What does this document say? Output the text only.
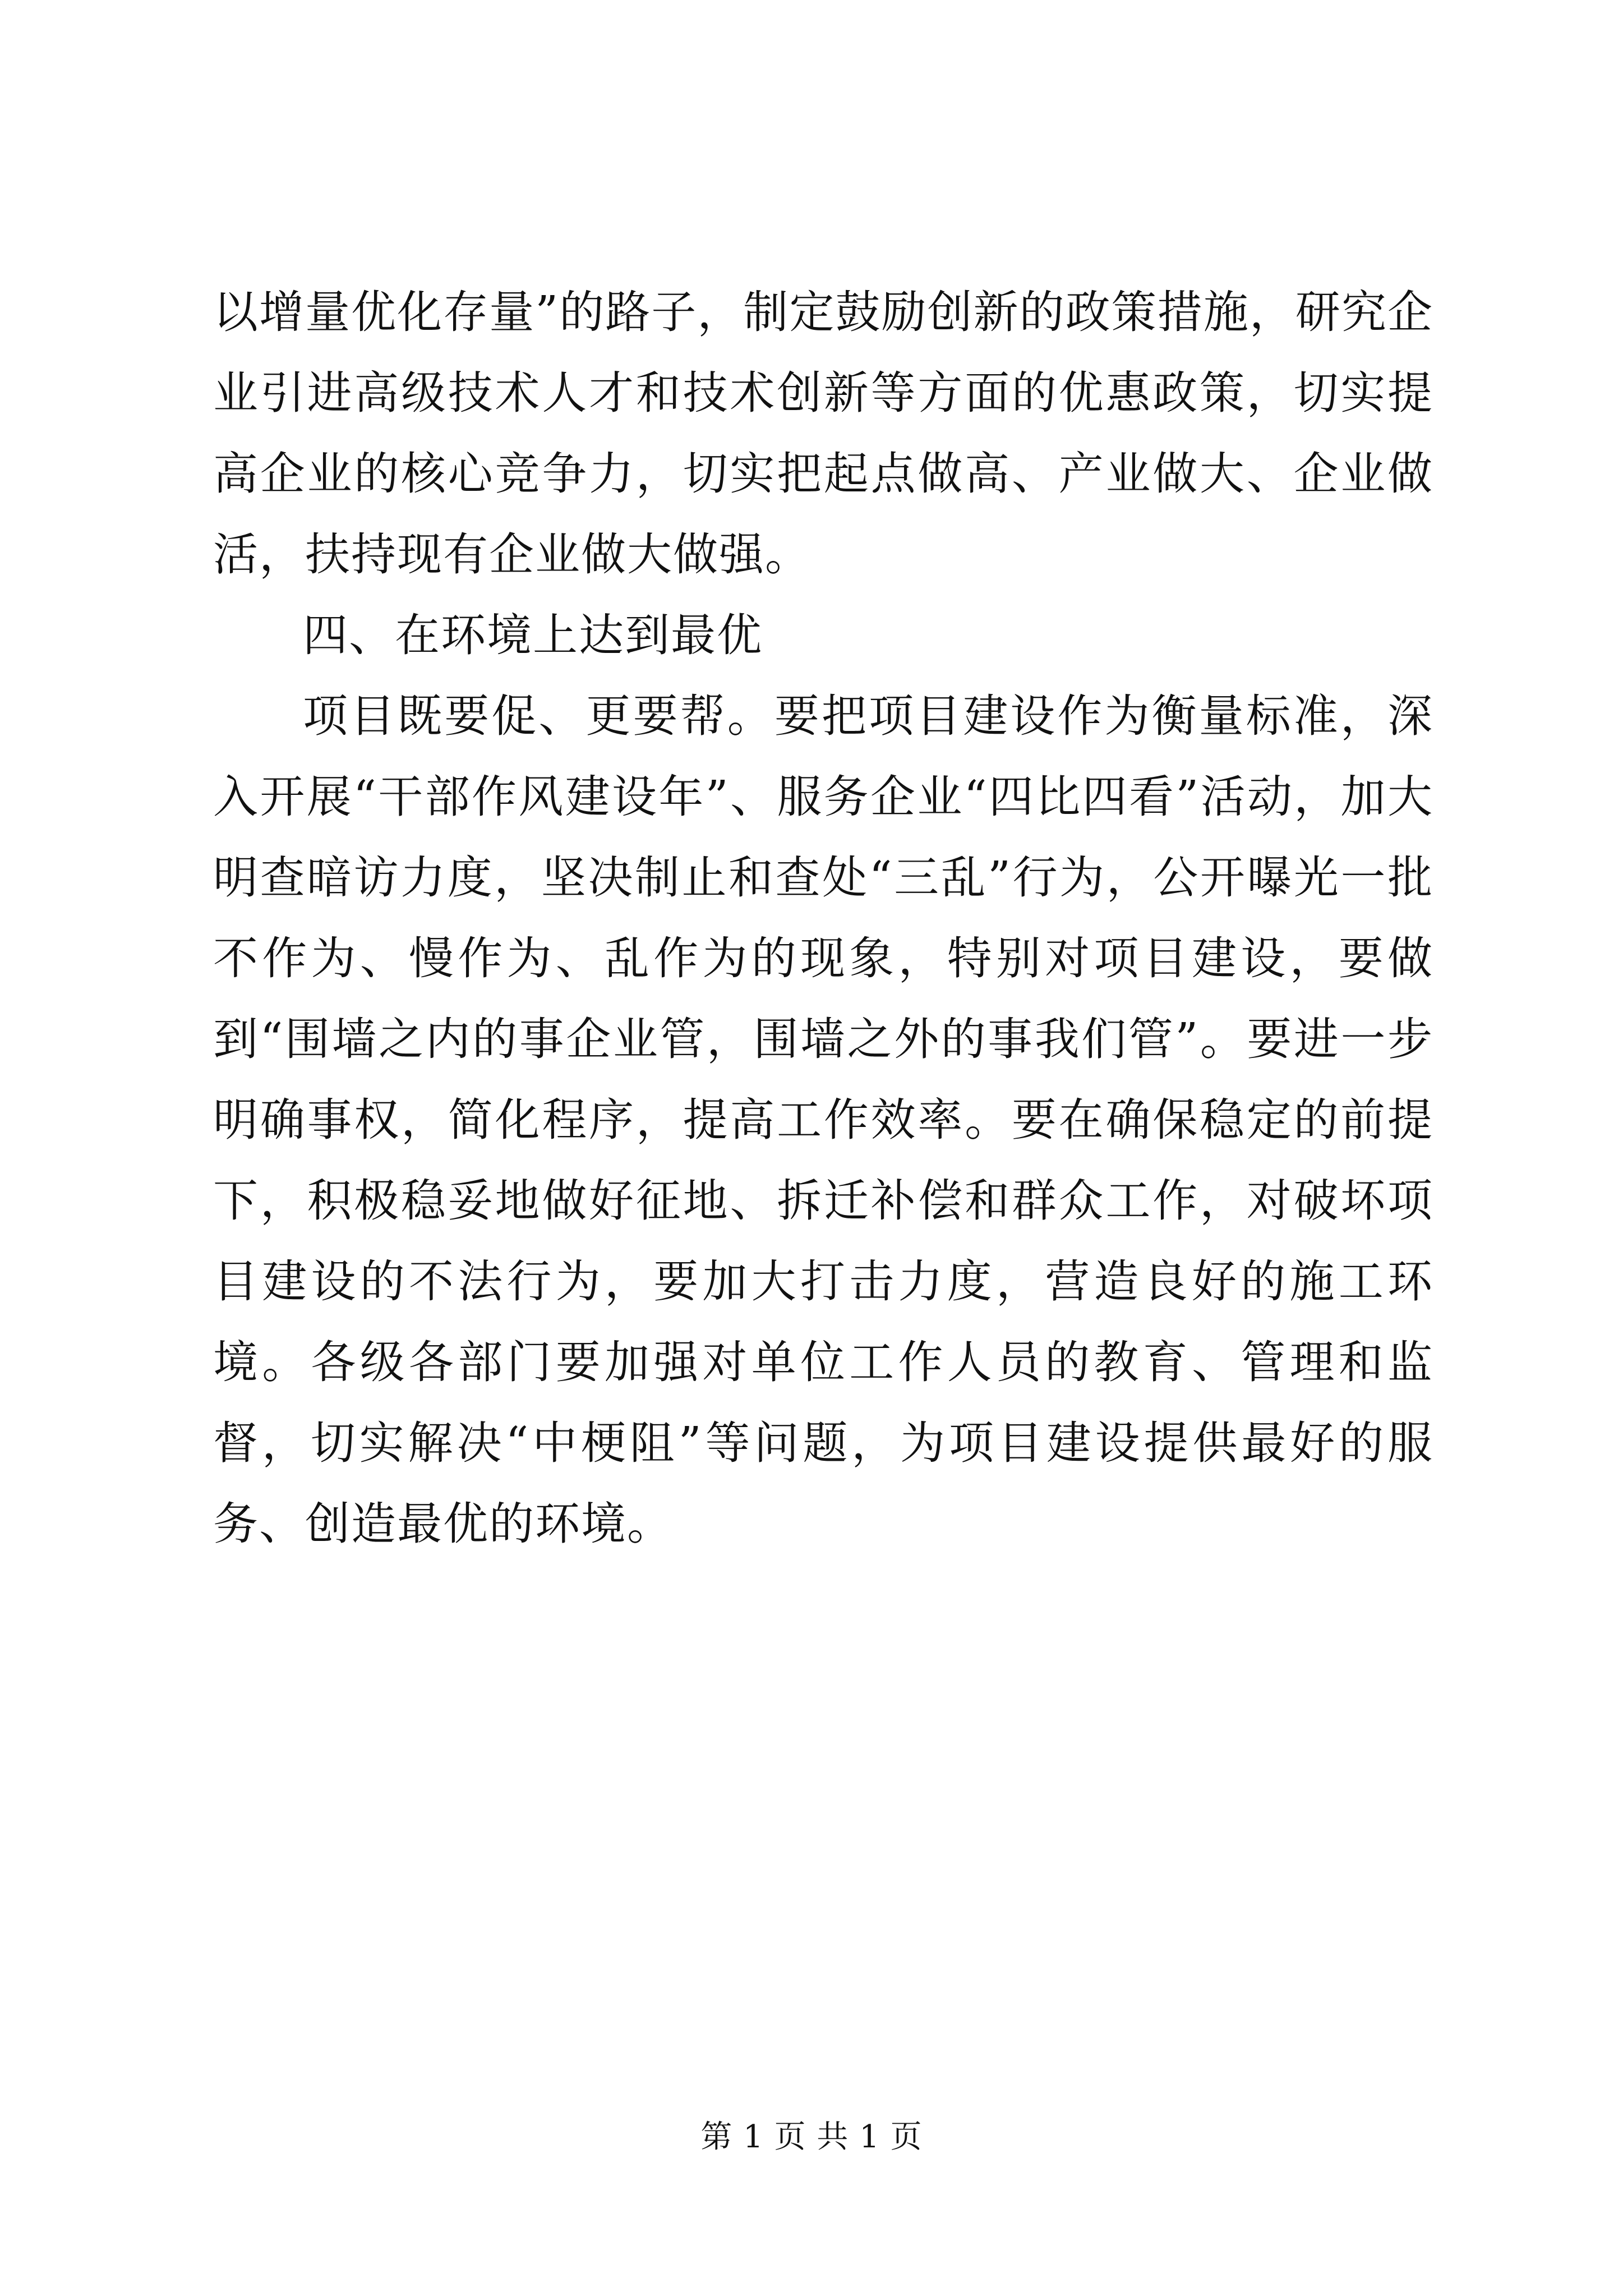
以增量优化存量”的路子，制定鼓励创新的政策措施，研究企业引进高级技术人才和技术创新等方面的优惠政策，切实提高企业的核心竞争力，切实把起点做高、产业做大、企业做活，扶持现有企业做大做强。

四、在环境上达到最优

项目既要促、更要帮。要把项目建设作为衡量标准，深入开展“干部作风建设年”、服务企业“四比四看”活动，加大明查暗访力度，坚决制止和查处“三乱”行为，公开曝光一批不作为、慢作为、乱作为的现象，特别对项目建设，要做到“围墙之内的事企业管，围墙之外的事我们管”。要进一步明确事权，简化程序，提高工作效率。要在确保稳定的前提下，积极稳妥地做好征地、拆迁补偿和群众工作，对破坏项目建设的不法行为，要加大打击力度，营造良好的施工环境。各级各部门要加强对单位工作人员的教育、管理和监督，切实解决“中梗阻”等问题，为项目建设提供最好的服务、创造最优的环境。

第 1 页 共 1 页
